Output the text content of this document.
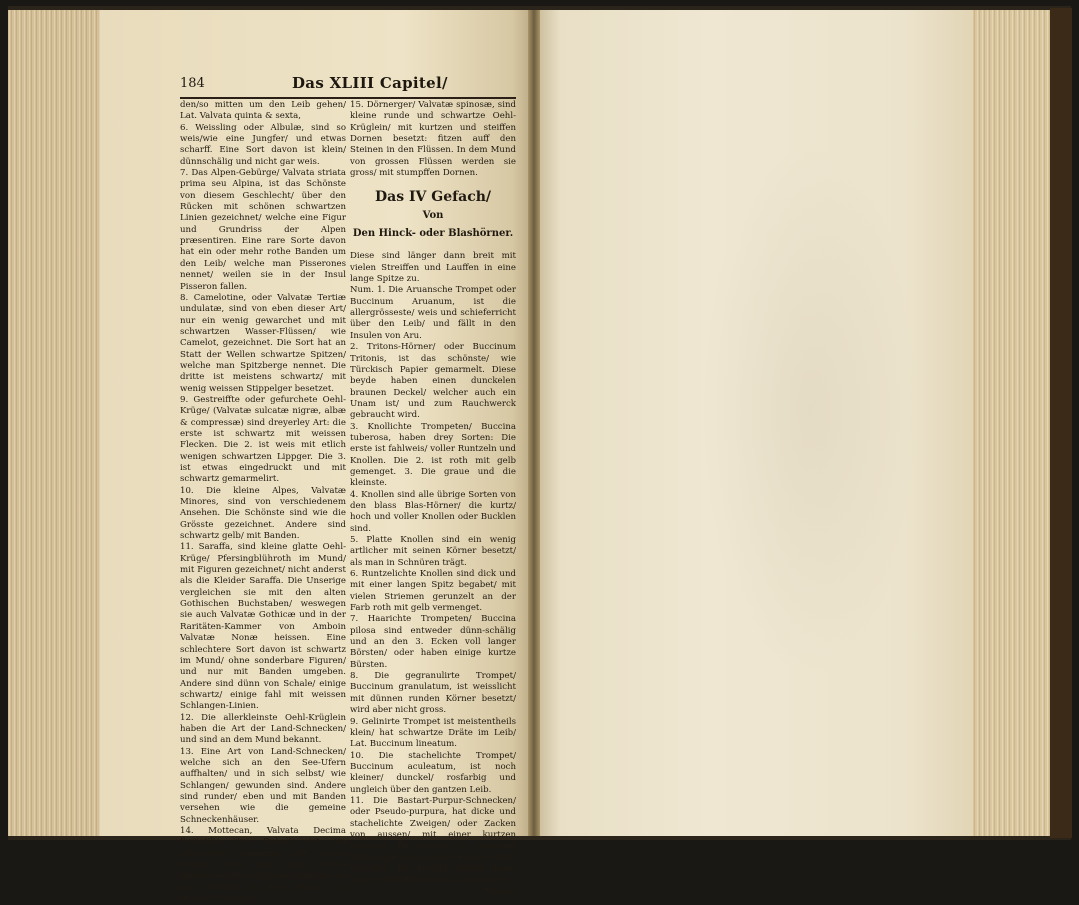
184	Das XLIII Capitel/

den/so mitten um den Leib gehen/ Lat. Valvata quinta & sexta,

6. Weissling oder Albulæ, sind so weis/wie eine Jungfer/ und etwas scharff. Eine Sort davon ist klein/ dünnschälig und nicht gar weis.

7. Das Alpen-Gebürge/ Valvata striata prima seu Alpina, ist das Schönste von diesem Geschlecht/ über den Rücken mit schönen schwartzen Linien gezeichnet/ welche eine Figur und Grundriss der Alpen præsentiren. Eine rare Sorte davon hat ein oder mehr rothe Banden um den Leib/ welche man Pisserones nennet/ weilen sie in der Insul Pisseron fallen.

8. Camelotine, oder Valvatæ Tertiæ undulatæ, sind von eben dieser Art/ nur ein wenig gewarchet und mit schwartzen Wasser-Flüssen/ wie Camelot, gezeichnet. Die Sort hat an Statt der Wellen schwartze Spitzen/ welche man Spitzberge nennet. Die dritte ist meistens schwartz/ mit wenig weissen Stippelger besetzet.

9. Gestreiffte oder gefurchete Oehl-Krüge/ (Valvatæ sulcatæ nigræ, albæ & compressæ) sind dreyerley Art: die erste ist schwartz mit weissen Flecken. Die 2. ist weis mit etlich wenigen schwartzen Lippger. Die 3. ist etwas eingedruckt und mit schwartz gemarmelirt.

10. Die kleine Alpes, Valvatæ Minores, sind von verschiedenem Ansehen. Die Schönste sind wie die Grösste gezeichnet. Andere sind schwartz gelb/ mit Banden.

11. Saraffa, sind kleine glatte Oehl-Krüge/ Pfersingblühroth im Mund/ mit Figuren gezeichnet/ nicht anderst als die Kleider Saraffa. Die Unserige vergleichen sie mit den alten Gothischen Buchstaben/ weswegen sie auch Valvatæ Gothicæ und in der Raritäten-Kammer von Amboin Valvatæ Nonæ heissen. Eine schlechtere Sort davon ist schwartz im Mund/ ohne sonderbare Figuren/ und nur mit Banden umgeben. Andere sind dünn von Schale/ einige schwartz/ einige fahl mit weissen Schlangen-Linien.

12. Die allerkleinste Oehl-Krüglein haben die Art der Land-Schnecken/ und sind an dem Mund bekannt.

13. Eine Art von Land-Schnecken/ welche sich an den See-Ufern auffhalten/ und in sich selbst/ wie Schlangen/ gewunden sind. Andere sind runder/ eben und mit Banden versehen wie die gemeine Schneckenhäuser.

14. Mottecan, Valvata Decima fluviatilis sive Rubella ist ein schwartzer Oehlkrug mit einem rothen Mund und einem schön gemahltem Deckel. Man findet sie an den Steinen in dem Mund von grossen Flüssen.

15. Dörnerger/ Valvatæ spinosæ, sind kleine runde und schwartze Oehl-Krüglein/ mit kurtzen und steiffen Dornen besetzt: fitzen auff den Steinen in den Flüssen. In dem Mund von grossen Flüssen werden sie gross/ mit stumpffen Dornen.

Das IV Gefach/

Von

Den Hinck- oder Blashörner.

Diese sind länger dann breit mit vielen Streiffen und Lauffen in eine lange Spitze zu.

Num. 1. Die Aruansche Trompet oder Buccinum Aruanum, ist die allergrösseste/ weis und schieferricht über den Leib/ und fällt in den Insulen von Aru.

2. Tritons-Hörner/ oder Buccinum Tritonis, ist das schönste/ wie Türckisch Papier gemarmelt. Diese beyde haben einen dunckelen braunen Deckel/ welcher auch ein Unam ist/ und zum Rauchwerck gebraucht wird.

3. Knollichte Trompeten/ Buccina tuberosa, haben drey Sorten: Die erste ist fahlweis/ voller Runtzeln und Knollen. Die 2. ist roth mit gelb gemenget. 3. Die graue und die kleinste.

4. Knollen sind alle übrige Sorten von den blass Blas-Hörner/ die kurtz/ hoch und voller Knollen oder Bucklen sind.

5. Platte Knollen sind ein wenig artlicher mit seinen Körner besetzt/ als man in Schnüren trägt.

6. Runtzelichte Knollen sind dick und mit einer langen Spitz begabet/ mit vielen Striemen gerunzelt an der Farb roth mit gelb vermenget.

7. Haarichte Trompeten/ Buccina pilosa sind entweder dünn-schälig und an den 3. Ecken voll langer Börsten/ oder haben einige kurtze Bürsten.

8. Die gegranulirte Trompet/ Buccinum granulatum, ist weisslicht mit dünnen runden Körner besetzt/ wird aber nicht gross.

9. Gelinirte Trompet ist meistentheils klein/ hat schwartze Dräte im Leib/ Lat. Buccinum lineatum.

10. Die stachelichte Trompet/ Buccinum aculeatum, ist noch kleiner/ dunckel/ rosfarbig und ungleich über den gantzen Leib.

11. Die Bastart-Purpur-Schnecken/ oder Pseudo-purpura, hat dicke und stachelichte Zweigen/ oder Zacken von aussen/ mit einer kurtzen Schnauz. Ihr Fleisch ist inwendig roth/ giebt aber keinen Purpur/ Safft von sich. Ihr Deckel gleicht einem Nagel einer Bürst/ und ist der beste

Unguis
